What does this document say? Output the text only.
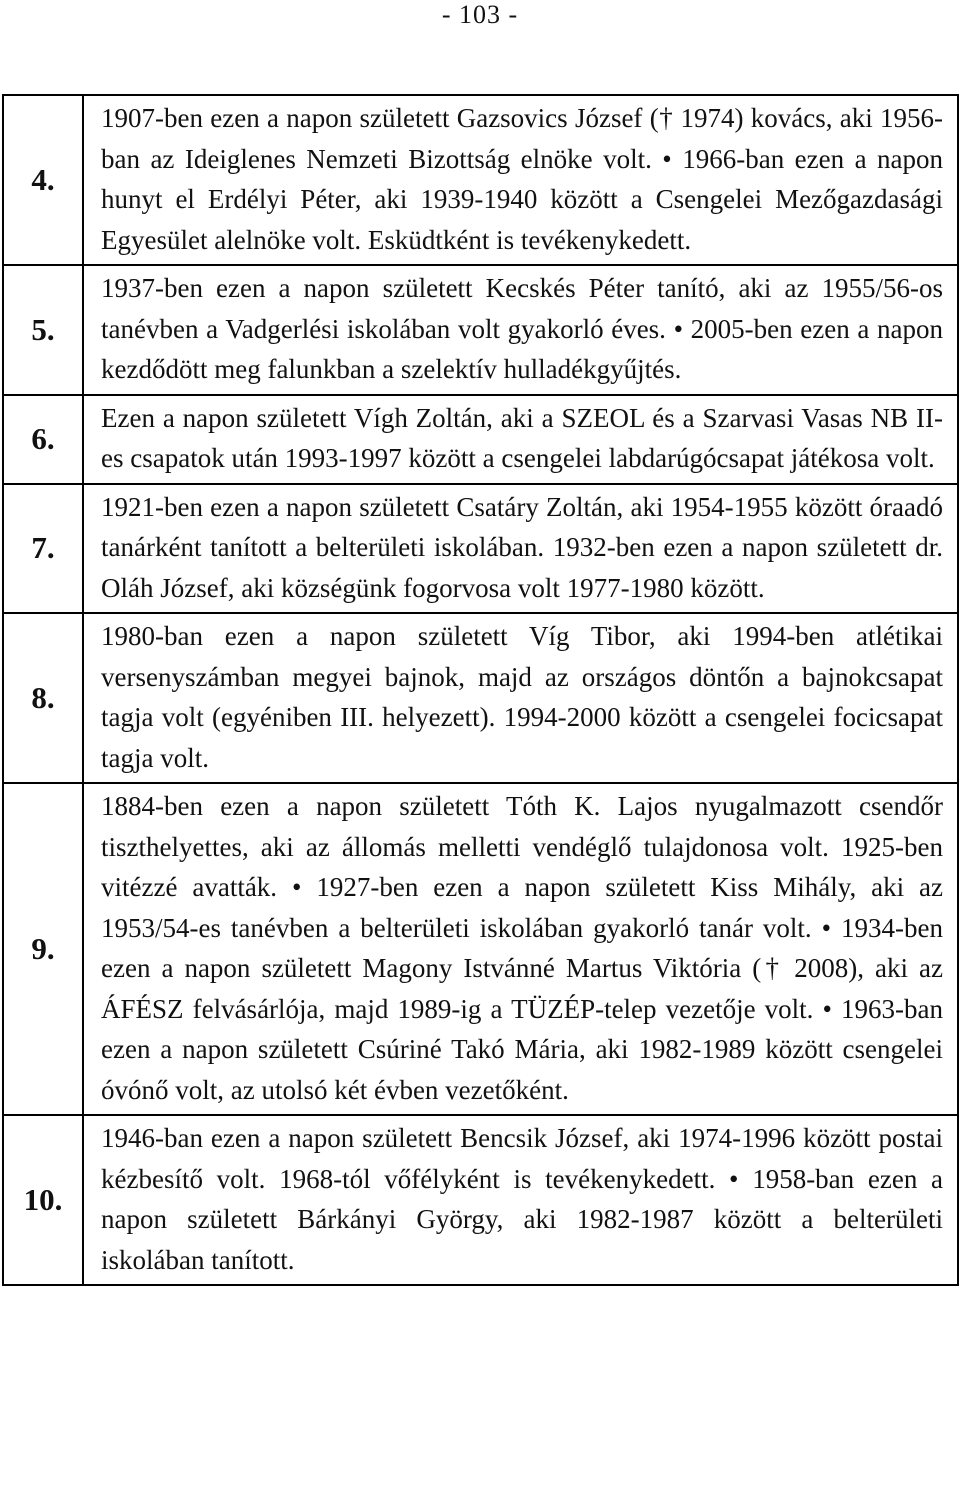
- 103 -
4.	1907-ben ezen a napon született Gazsovics József († 1974) kovács, aki 1956-ban az Ideiglenes Nemzeti Bizottság elnöke volt. • 1966-ban ezen a napon hunyt el Erdélyi Péter, aki 1939-1940 között a Csengelei Mezőgazdasági Egyesület alelnöke volt. Esküdtként is tevékenykedett.
5.	1937-ben ezen a napon született Kecskés Péter tanító, aki az 1955/56-os tanévben a Vadgerlési iskolában volt gyakorló éves. • 2005-ben ezen a napon kezdődött meg falunkban a szelektív hulladékgyűjtés.
6.	Ezen a napon született Vígh Zoltán, aki a SZEOL és a Szarvasi Vasas NB II-es csapatok után 1993-1997 között a csengelei labdarúgócsapat játékosa volt.
7.	1921-ben ezen a napon született Csatáry Zoltán, aki 1954-1955 között óraadó tanárként tanított a belterületi iskolában. 1932-ben ezen a napon született dr. Oláh József, aki községünk fogorvosa volt 1977-1980 között.
8.	1980-ban ezen a napon született Víg Tibor, aki 1994-ben atlétikai versenyszámban megyei bajnok, majd az országos döntőn a bajnokcsapat tagja volt (egyéniben III. helyezett). 1994-2000 között a csengelei focicsapat tagja volt.
9.	1884-ben ezen a napon született Tóth K. Lajos nyugalmazott csendőr tiszthelyettes, aki az állomás melletti vendéglő tulajdonosa volt. 1925-ben vitézzé avatták. • 1927-ben ezen a napon született Kiss Mihály, aki az 1953/54-es tanévben a belterületi iskolában gyakorló tanár volt. • 1934-ben ezen a napon született Magony Istvánné Martus Viktória († 2008), aki az ÁFÉSZ felvásárlója, majd 1989-ig a TÜZÉP-telep vezetője volt. • 1963-ban ezen a napon született Csúriné Takó Mária, aki 1982-1989 között csengelei óvónő volt, az utolsó két évben vezetőként.
10.	1946-ban ezen a napon született Bencsik József, aki 1974-1996 között postai kézbesítő volt. 1968-tól vőfélyként is tevékenykedett. • 1958-ban ezen a napon született Bárkányi György, aki 1982-1987 között a belterületi iskolában tanított.
